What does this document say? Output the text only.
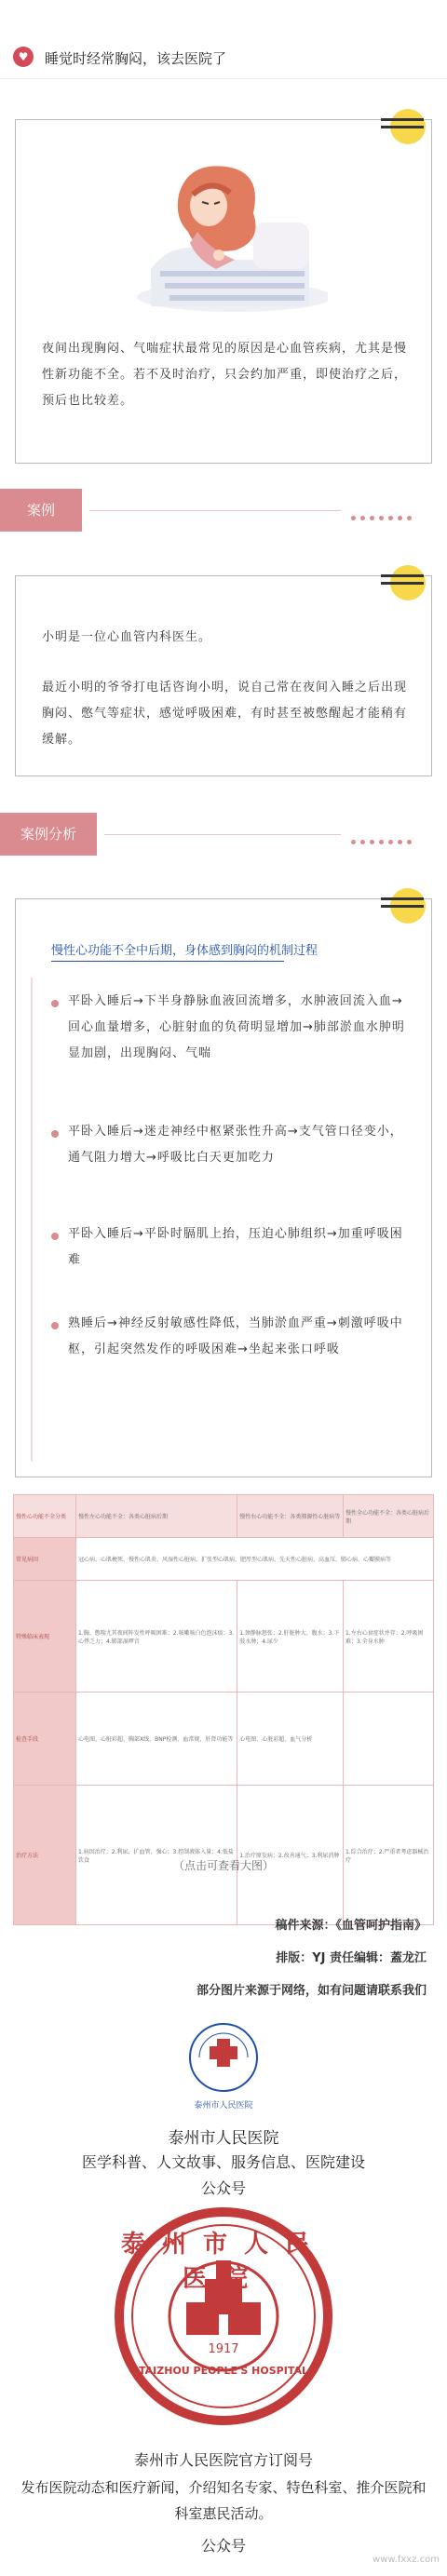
♥	睡觉时经常胸闷，该去医院了
夜间出现胸闷、气喘症状最常见的原因是心血管疾病，尤其是慢性新功能不全。若不及时治疗，只会约加严重，即使治疗之后，预后也比较差。
案例
小明是一位心血管内科医生。
最近小明的爷爷打电话咨询小明，说自己常在夜间入睡之后出现胸闷、憋气等症状，感觉呼吸困难，有时甚至被憋醒起才能稍有缓解。
案例分析
慢性心功能不全中后期，身体感到胸闷的机制过程
平卧入睡后→下半身静脉血液回流增多，水肿液回流入血→回心血量增多，心脏射血的负荷明显增加→肺部淤血水肿明显加剧，出现胸闷、气喘
平卧入睡后→迷走神经中枢紧张性升高→支气管口径变小，通气阻力增大→呼吸比白天更加吃力
平卧入睡后→平卧时膈肌上抬，压迫心肺组织→加重呼吸困难
熟睡后→神经反射敏感性降低，当肺淤血严重→刺激呼吸中枢，引起突然发作的呼吸困难→坐起来张口呼吸
慢性心功能不全分类	慢性左心功能不全：各类心脏病后期	慢性右心功能不全：各类肺源性心脏病等	慢性全心功能不全：各类心脏病后期
常见病因	冠心病、心肌梗死、慢性心肌炎、风湿性心脏病、扩张型心肌病、肥厚型心肌病、先天性心脏病、高血压、肺心病、心瓣膜病等		
特殊临床表现	1.胸、憋喘尤其夜间阵发性呼吸困难；2.咳嗽咳白色泡沫痰；3.心悸乏力；4.肺部湿啰音	1.颈静脉怒张；2.肝脏肿大、腹水；3.下肢水肿；4.尿少	1.左右心衰症状并存；2.呼吸困难；3.全身水肿
检查手段	心电图、心脏彩超、胸部X线、BNP检测、血常规、肝肾功能等	心电图、心脏彩超、血气分析	
治疗方法	1.病因治疗；2.利尿、扩血管、强心；3.控制液体入量；4.低盐饮食	1.治疗原发病；2.改善通气；3.利尿消肿	1.综合治疗；2.严重者考虑器械治疗
（点击可查看大图）
稿件来源：《血管呵护指南》
排版：YJ 责任编辑：蓋龙江
部分图片来源于网络，如有问题请联系我们
泰州市人民医院
泰州市人民医院
医学科普、人文故事、服务信息、医院建设
公众号
泰州市人民医院
TAIZHOU PEOPLE'S HOSPITAL
1917
泰州市人民医院官方订阅号
发布医院动态和医疗新闻，介绍知名专家、特色科室、推介医院和科室惠民活动。
公众号
www.fxxz.com
